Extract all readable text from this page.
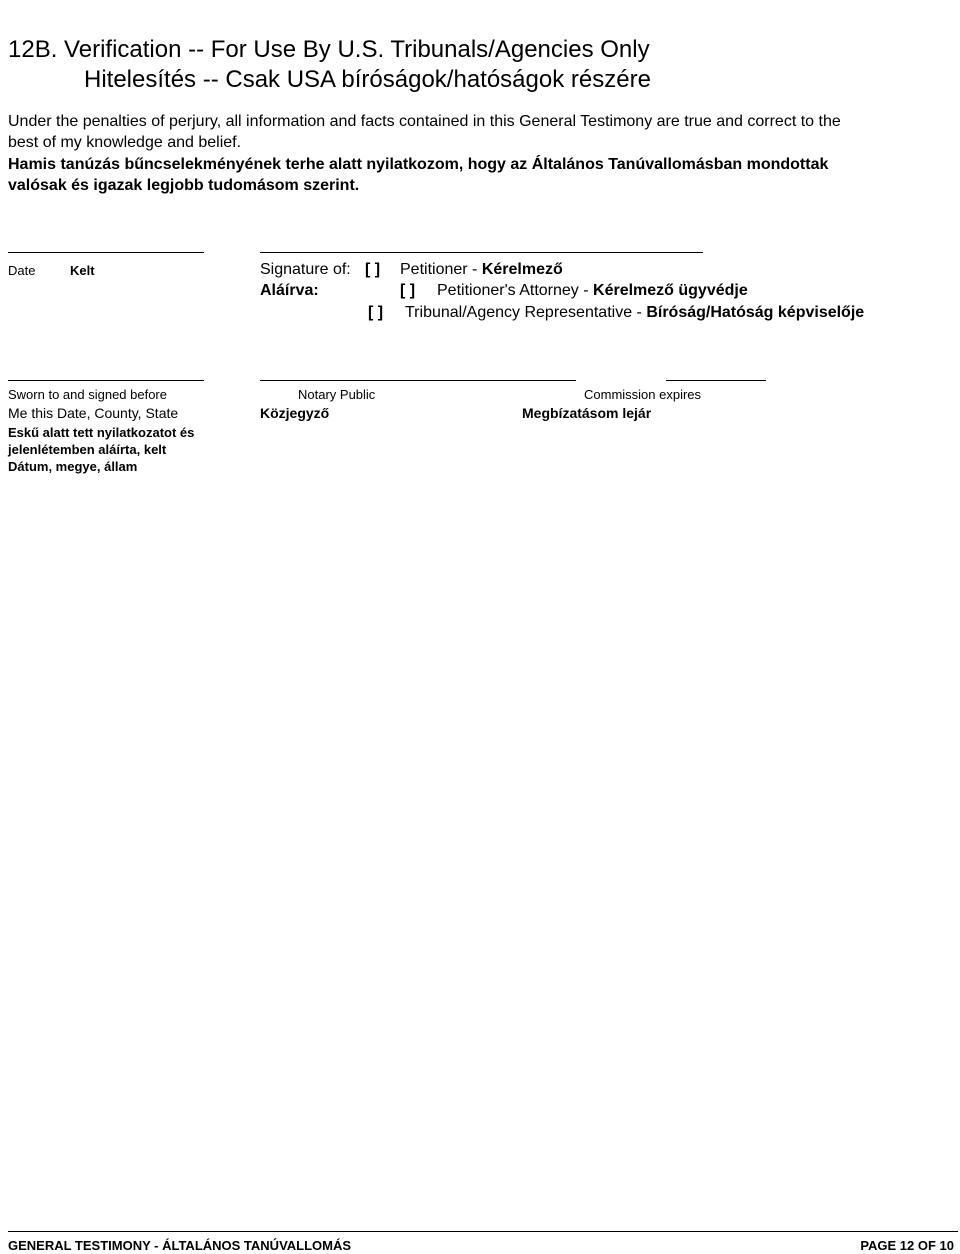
12B. Verification -- For Use By U.S. Tribunals/Agencies Only
Hitelesítés -- Csak USA bíróságok/hatóságok részére
Under the penalties of perjury, all information and facts contained in this General Testimony are true and correct to the
best of my knowledge and belief.
Hamis tanúzás bűncselekményének terhe alatt nyilatkozom, hogy az Általános Tanúvallomásban mondottak
valósak és igazak legjobb tudomásom szerint.
Date	Kelt	Signature of:
Aláírva:
[ ] Petitioner - Kérelmező
[ ] Petitioner's Attorney - Kérelmező ügyvédje
[ ] Tribunal/Agency Representative - Bíróság/Hatóság képviselője
Sworn to and signed before
Me this Date, County, State
Eskű alatt tett nyilatkozatot és
jelenlétemben aláírta, kelt
Dátum, megye, állam
Notary Public
Közjegyző
Commission expires
Megbízatásom lejár
GENERAL TESTIMONY - ÁLTALÁNOS TANÚVALLOMÁS	PAGE 12 OF 10
